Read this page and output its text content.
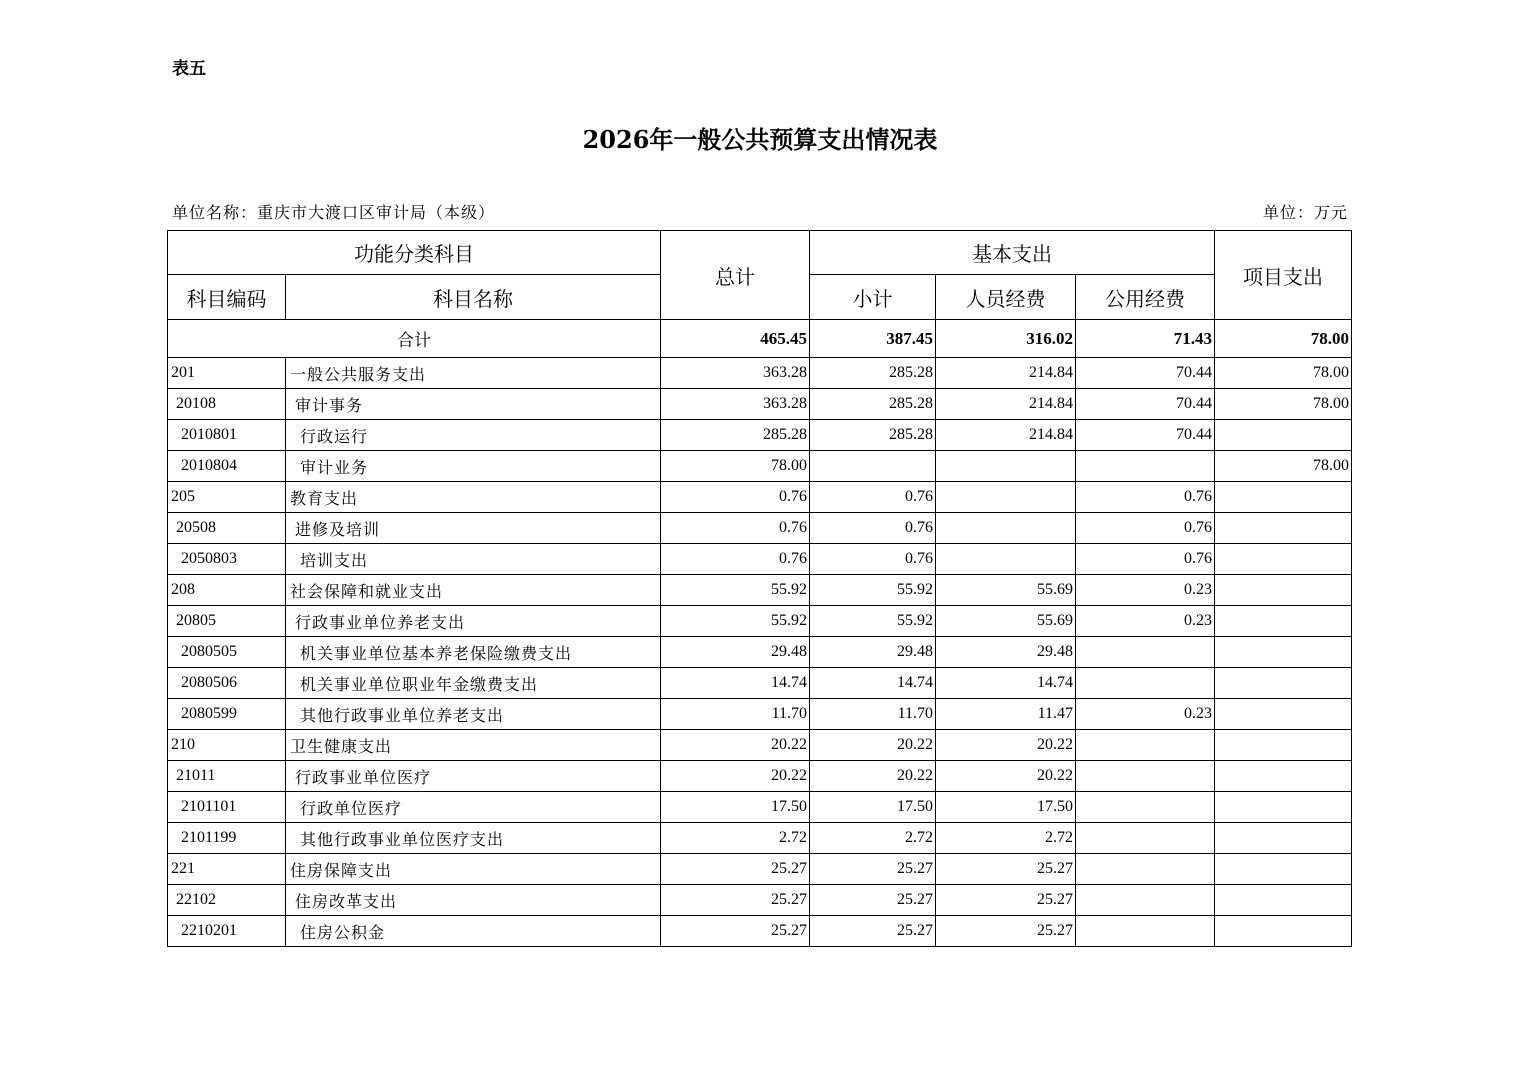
表五
2026年一般公共预算支出情况表
单位名称：重庆市大渡口区审计局（本级）	单位：万元
功能分类科目		总计	基本支出			项目支出
科目编码	科目名称		小计	人员经费	公用经费	
合计		465.45	387.45	316.02	71.43	78.00
201	一般公共服务支出	363.28	285.28	214.84	70.44	78.00
20108	审计事务	363.28	285.28	214.84	70.44	78.00
2010801	行政运行	285.28	285.28	214.84	70.44	
2010804	审计业务	78.00				78.00
205	教育支出	0.76	0.76		0.76	
20508	进修及培训	0.76	0.76		0.76	
2050803	培训支出	0.76	0.76		0.76	
208	社会保障和就业支出	55.92	55.92	55.69	0.23	
20805	行政事业单位养老支出	55.92	55.92	55.69	0.23	
2080505	机关事业单位基本养老保险缴费支出	29.48	29.48	29.48		
2080506	机关事业单位职业年金缴费支出	14.74	14.74	14.74		
2080599	其他行政事业单位养老支出	11.70	11.70	11.47	0.23	
210	卫生健康支出	20.22	20.22	20.22		
21011	行政事业单位医疗	20.22	20.22	20.22		
2101101	行政单位医疗	17.50	17.50	17.50		
2101199	其他行政事业单位医疗支出	2.72	2.72	2.72		
221	住房保障支出	25.27	25.27	25.27		
22102	住房改革支出	25.27	25.27	25.27		
2210201	住房公积金	25.27	25.27	25.27		
